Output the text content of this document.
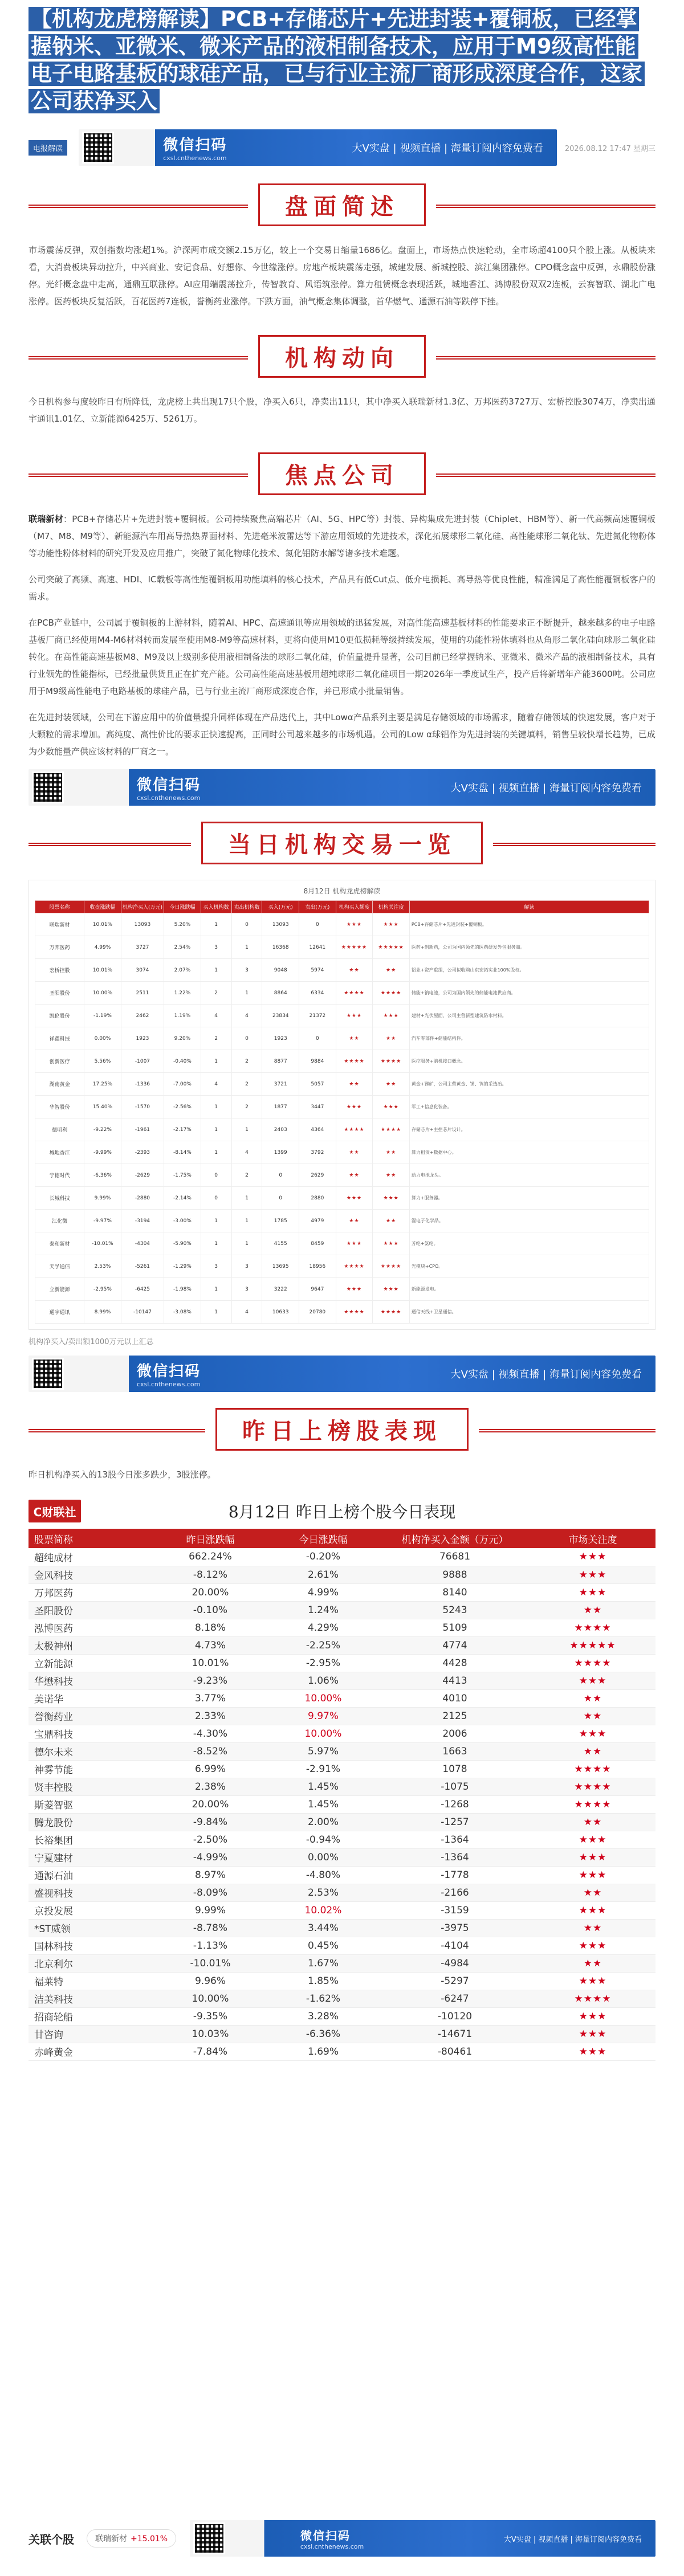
【机构龙虎榜解读】PCB+存储芯片+先进封装+覆铜板，已经掌握钠米、亚微米、微米产品的液相制备技术，应用于M9级高性能电子电路基板的球硅产品，已与行业主流厂商形成深度合作，这家公司获净买入
电报解读	微信扫码
cxsl.cnthenews.com
大V实盘 | 视频直播 | 海量订阅内容免费看	2026.08.12 17:47 星期三
盘面简述

市场震荡反弹，双创指数均涨超1%。沪深两市成交额2.15万亿，较上一个交易日缩量1686亿。盘面上，市场热点快速轮动，全市场超4100只个股上涨。从板块来看，大消费板块异动拉升，中兴商业、安记食品、好想你、今世缘涨停。房地产板块震荡走强，城建发展、新城控股、滨江集团涨停。CPO概念盘中反弹，永鼎股份涨停。光纤概念盘中走高，通鼎互联涨停。AI应用端震荡拉升，传智教育、风语筑涨停。算力租赁概念表现活跃，城地香江、鸿博股份双双2连板，云赛智联、湖北广电涨停。医药板块反复活跃，百花医药7连板，誉衡药业涨停。下跌方面，油气概念集体调整，首华燃气、通源石油等跌停下挫。

机构动向

今日机构参与度较昨日有所降低，龙虎榜上共出现17只个股，净买入6只，净卖出11只，其中净买入联瑞新材1.3亿、万邦医药3727万、宏桥控股3074万，净卖出通宇通讯1.01亿、立新能源6425万、5261万。

焦点公司

联瑞新材：PCB+存储芯片+先进封装+覆铜板。公司持续聚焦高端芯片（AI、5G、HPC等）封装、异构集成先进封装（Chiplet、HBM等）、新一代高频高速覆铜板（M7、M8、M9等）、新能源汽车用高导热热界面材料、先进毫米波雷达等下游应用领域的先进技术，深化拓展球形二氧化硅、高性能球形二氧化钛、先进氮化物粉体等功能性粉体材料的研究开发及应用推广，突破了氮化物球化技术、氮化铝防水解等诸多技术难题。

公司突破了高频、高速、HDI、IC载板等高性能覆铜板用功能填料的核心技术，产品具有低Cut点、低介电损耗、高导热等优良性能，精准满足了高性能覆铜板客户的需求。

在PCB产业链中，公司属于覆铜板的上游材料，随着AI、HPC、高速通讯等应用领域的迅猛发展，对高性能高速基板材料的性能要求正不断提升，越来越多的电子电路基板厂商已经使用M4-M6材料转而发展至使用M8-M9等高速材料，更将向使用M10更低损耗等级持续发展，使用的功能性粉体填料也从角形二氧化硅向球形二氧化硅转化。在高性能高速基板M8、M9及以上级别多使用液相制备法的球形二氧化硅，价值量提升显著，公司目前已经掌握钠米、亚微米、微米产品的液相制备技术，具有行业领先的性能指标，已经批量供货且正在扩充产能。公司高性能高速基板用超纯球形二氧化硅项目一期2026年一季度试生产，投产后将新增年产能3600吨。公司应用于M9级高性能电子电路基板的球硅产品，已与行业主流厂商形成深度合作，并已形成小批量销售。

在先进封装领域，公司在下游应用中的价值量提升同样体现在产品迭代上，其中Lowα产品系列主要是满足存储领域的市场需求，随着存储领域的快速发展，客户对于大颗粒的需求增加。高纯度、高性价比的要求正快速提高，正同时公司越来越多的市场机遇。公司的Low α球铝作为先进封装的关键填料，销售呈较快增长趋势，已成为少数能量产供应该材料的厂商之一。

微信扫码
cxsl.cnthenews.com
大V实盘 | 视频直播 | 海量订阅内容免费看
当日机构交易一览
8月12日 机构龙虎榜解读
股票名称	收盘涨跌幅	机构净买入(万元)	今日涨跌幅	买入机构数	卖出机构数	买入(万元)	卖出(万元)	机构买入额度	机构关注度	解读
联瑞新材	10.01%	13093	5.20%	1	0	13093	0	★★★	★★★	PCB+存储芯片+先进封装+覆铜板。
万邦医药	4.99%	3727	2.54%	3	1	16368	12641	★★★★★	★★★★★	医药+创新药，公司为国内领先的医药研发外包服务商。
宏桥控股	10.01%	3074	2.07%	1	3	9048	5974	★★	★★	铝业+资产重组，公司拟收购山东宏拓实业100%股权。
圣阳股份	10.00%	2511	1.22%	2	1	8864	6334	★★★★	★★★★	储能+钠电池，公司为国内领先的储能电池供应商。
凯伦股份	-1.19%	2462	1.19%	4	4	23834	21372	★★★	★★★	建材+光伏屋面，公司主营新型建筑防水材料。
祥鑫科技	0.00%	1923	9.20%	2	0	1923	0	★★	★★	汽车零部件+储能结构件。
创新医疗	5.56%	-1007	-0.40%	1	2	8877	9884	★★★★	★★★★	医疗服务+脑机接口概念。
湖南黄金	17.25%	-1336	-7.00%	4	2	3721	5057	★★	★★	黄金+锑矿，公司主营黄金、锑、钨的采选冶。
华智股份	15.40%	-1570	-2.56%	1	2	1877	3447	★★★	★★★	军工+信息化装备。
德明利	-9.22%	-1961	-2.17%	1	1	2403	4364	★★★★	★★★★	存储芯片+主控芯片设计。
城地香江	-9.99%	-2393	-8.14%	1	4	1399	3792	★★	★★	算力租赁+数据中心。
宁德时代	-6.36%	-2629	-1.75%	0	2	0	2629	★★	★★	动力电池龙头。
长城科技	9.99%	-2880	-2.14%	0	1	0	2880	★★★	★★★	算力+服务器。
江化微	-9.97%	-3194	-3.00%	1	1	1785	4979	★★	★★	湿电子化学品。
泰和新材	-10.01%	-4304	-5.90%	1	1	4155	8459	★★★	★★★	芳纶+氨纶。
天孚通信	2.53%	-5261	-1.29%	3	3	13695	18956	★★★★	★★★★	光模块+CPO。
立新能源	-2.95%	-6425	-1.98%	1	3	3222	9647	★★★	★★★	新能源发电。
通宇通讯	8.99%	-10147	-3.08%	1	4	10633	20780	★★★★	★★★★	通信天线+卫星通信。
机构净买入/卖出额1000万元以上汇总
微信扫码
cxsl.cnthenews.com
大V实盘 | 视频直播 | 海量订阅内容免费看
昨日上榜股表现

昨日机构净买入的13股今日涨多跌少，3股涨停。

C财联社	8月12日 昨日上榜个股今日表现
股票简称	昨日涨跌幅	今日涨跌幅	机构净买入金额（万元）	市场关注度
超纯成材	662.24%	-0.20%	76681	★★★
金风科技	-8.12%	2.61%	9888	★★★
万邦医药	20.00%	4.99%	8140	★★★
圣阳股份	-0.10%	1.24%	5243	★★
泓博医药	8.18%	4.29%	5109	★★★★
太极神州	4.73%	-2.25%	4774	★★★★★
立新能源	10.01%	-2.95%	4428	★★★★
华懋科技	-9.23%	1.06%	4413	★★★
美诺华	3.77%	10.00%	4010	★★
誉衡药业	2.33%	9.97%	2125	★★
宝鼎科技	-4.30%	10.00%	2006	★★★
德尔未来	-8.52%	5.97%	1663	★★
神雾节能	6.99%	-2.91%	1078	★★★★
贤丰控股	2.38%	1.45%	-1075	★★★★
斯菱智驱	20.00%	1.45%	-1268	★★★★
腾龙股份	-9.84%	2.00%	-1257	★★
长裕集团	-2.50%	-0.94%	-1364	★★★
宁夏建材	-4.99%	0.00%	-1364	★★★
通源石油	8.97%	-4.80%	-1778	★★★
盛视科技	-8.09%	2.53%	-2166	★★
京投发展	9.99%	10.02%	-3159	★★★
*ST威领	-8.78%	3.44%	-3975	★★
国林科技	-1.13%	0.45%	-4104	★★★
北京利尔	-10.01%	1.67%	-4984	★★
福莱特	9.96%	1.85%	-5297	★★★
洁美科技	10.00%	-1.62%	-6247	★★★★
招商轮船	-9.35%	3.28%	-10120	★★★
甘咨询	10.03%	-6.36%	-14671	★★★
赤峰黄金	-7.84%	1.69%	-80461	★★★
关联个股	联瑞新材 +15.01%	微信扫码
cxsl.cnthenews.com
大V实盘 | 视频直播 | 海量订阅内容免费看
